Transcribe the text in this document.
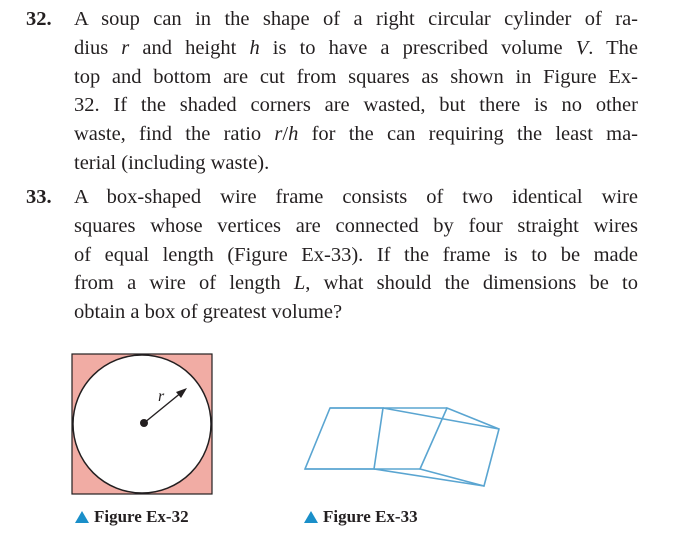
32. A soup can in the shape of a right circular cylinder of ra-
dius r and height h is to have a prescribed volume V. The
top and bottom are cut from squares as shown in Figure Ex-
32. If the shaded corners are wasted, but there is no other
waste, find the ratio r/h for the can requiring the least ma-
terial (including waste).
33. A box-shaped wire frame consists of two identical wire
squares whose vertices are connected by four straight wires
of equal length (Figure Ex-33). If the frame is to be made
from a wire of length L, what should the dimensions be to
obtain a box of greatest volume?
r
Figure Ex-32	Figure Ex-33
